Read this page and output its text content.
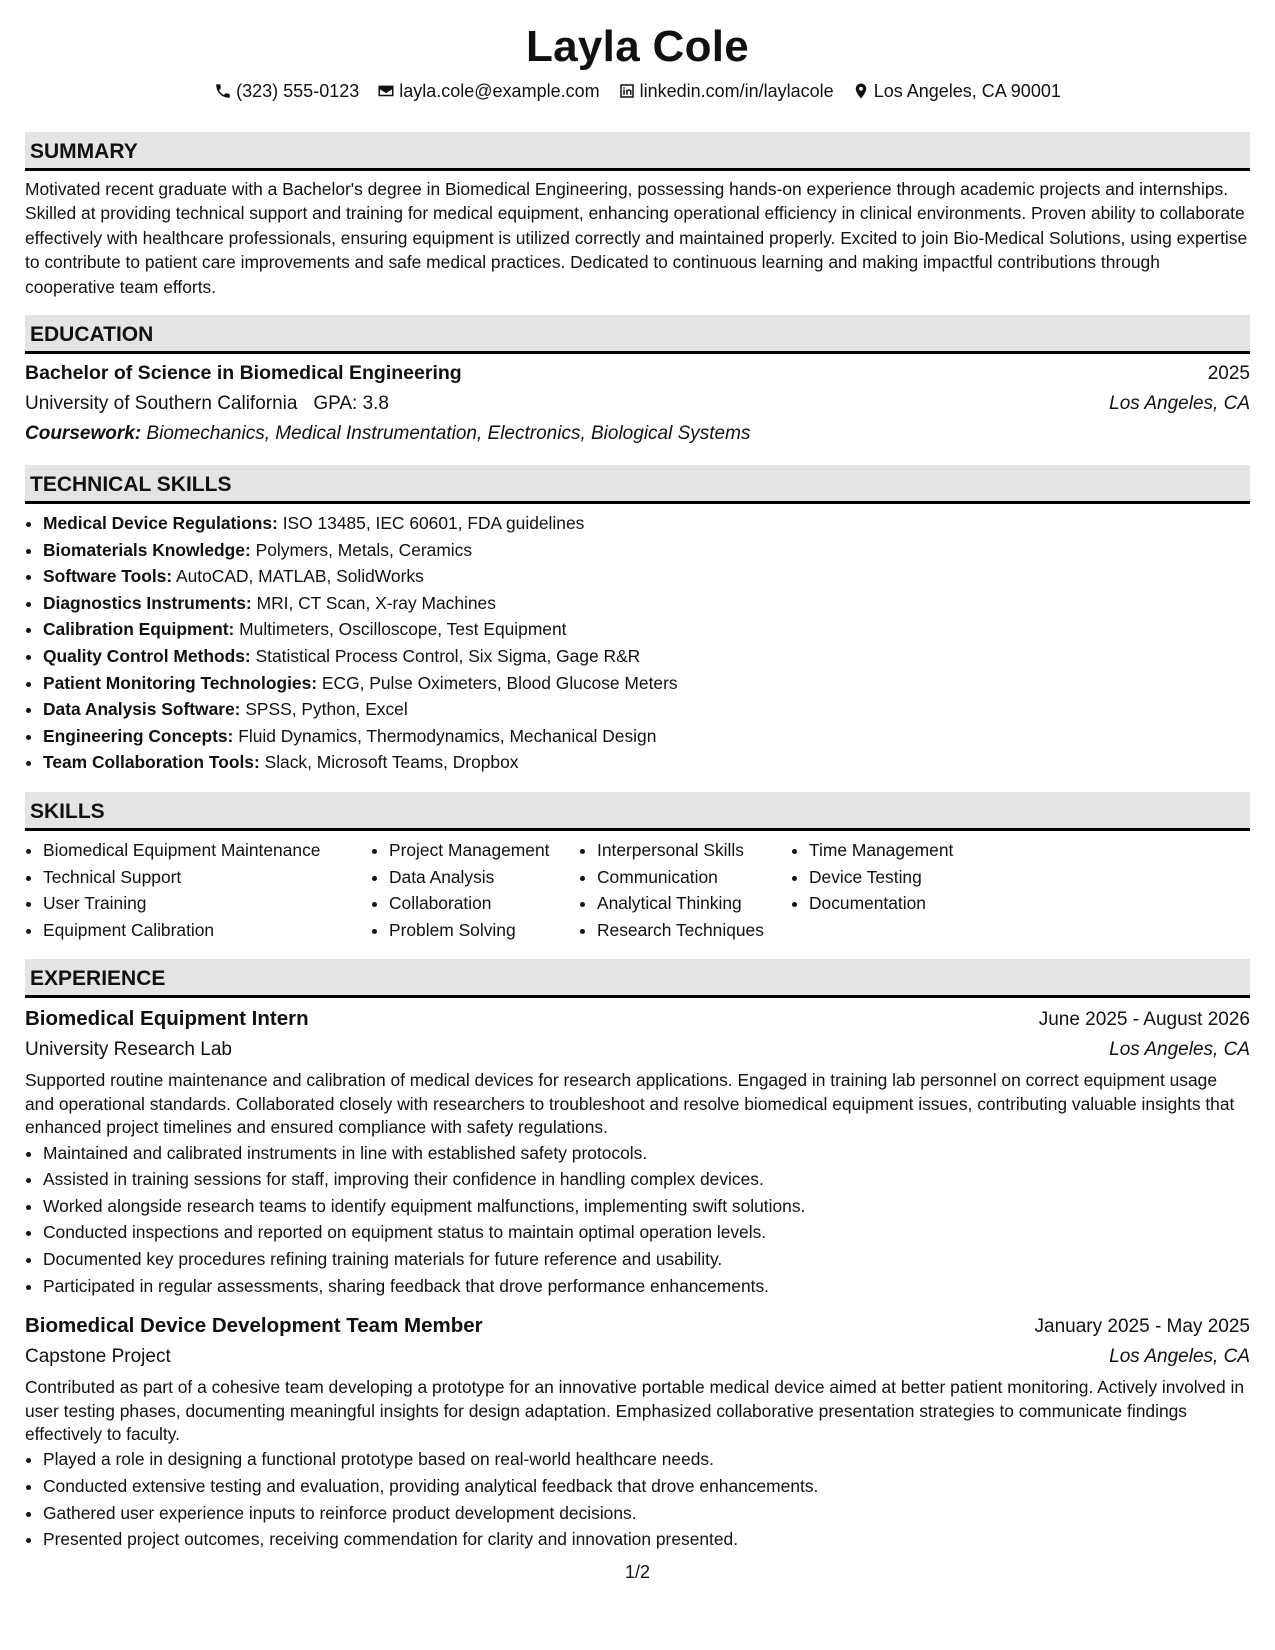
Layla Cole
(323) 555-0123 layla.cole@example.com linkedin.com/in/laylacole Los Angeles, CA 90001
SUMMARY
Motivated recent graduate with a Bachelor's degree in Biomedical Engineering, possessing hands-on experience through academic projects and internships. Skilled at providing technical support and training for medical equipment, enhancing operational efficiency in clinical environments. Proven ability to collaborate effectively with healthcare professionals, ensuring equipment is utilized correctly and maintained properly. Excited to join Bio-Medical Solutions, using expertise to contribute to patient care improvements and safe medical practices. Dedicated to continuous learning and making impactful contributions through cooperative team efforts.
EDUCATION
Bachelor of Science in Biomedical Engineering	2025
University of Southern California GPA: 3.8	Los Angeles, CA
Coursework: Biomechanics, Medical Instrumentation, Electronics, Biological Systems
TECHNICAL SKILLS
• Medical Device Regulations: ISO 13485, IEC 60601, FDA guidelines
• Biomaterials Knowledge: Polymers, Metals, Ceramics
• Software Tools: AutoCAD, MATLAB, SolidWorks
• Diagnostics Instruments: MRI, CT Scan, X-ray Machines
• Calibration Equipment: Multimeters, Oscilloscope, Test Equipment
• Quality Control Methods: Statistical Process Control, Six Sigma, Gage R&R
• Patient Monitoring Technologies: ECG, Pulse Oximeters, Blood Glucose Meters
• Data Analysis Software: SPSS, Python, Excel
• Engineering Concepts: Fluid Dynamics, Thermodynamics, Mechanical Design
• Team Collaboration Tools: Slack, Microsoft Teams, Dropbox
SKILLS
• Biomedical Equipment Maintenance
• Technical Support
• User Training
• Equipment Calibration
• Project Management
• Data Analysis
• Collaboration
• Problem Solving
• Interpersonal Skills
• Communication
• Analytical Thinking
• Research Techniques
• Time Management
• Device Testing
• Documentation
EXPERIENCE
Biomedical Equipment Intern	June 2025 - August 2026
University Research Lab	Los Angeles, CA
Supported routine maintenance and calibration of medical devices for research applications. Engaged in training lab personnel on correct equipment usage and operational standards. Collaborated closely with researchers to troubleshoot and resolve biomedical equipment issues, contributing valuable insights that enhanced project timelines and ensured compliance with safety regulations.
• Maintained and calibrated instruments in line with established safety protocols.
• Assisted in training sessions for staff, improving their confidence in handling complex devices.
• Worked alongside research teams to identify equipment malfunctions, implementing swift solutions.
• Conducted inspections and reported on equipment status to maintain optimal operation levels.
• Documented key procedures refining training materials for future reference and usability.
• Participated in regular assessments, sharing feedback that drove performance enhancements.
Biomedical Device Development Team Member	January 2025 - May 2025
Capstone Project	Los Angeles, CA
Contributed as part of a cohesive team developing a prototype for an innovative portable medical device aimed at better patient monitoring. Actively involved in user testing phases, documenting meaningful insights for design adaptation. Emphasized collaborative presentation strategies to communicate findings effectively to faculty.
• Played a role in designing a functional prototype based on real-world healthcare needs.
• Conducted extensive testing and evaluation, providing analytical feedback that drove enhancements.
• Gathered user experience inputs to reinforce product development decisions.
• Presented project outcomes, receiving commendation for clarity and innovation presented.
1/2
